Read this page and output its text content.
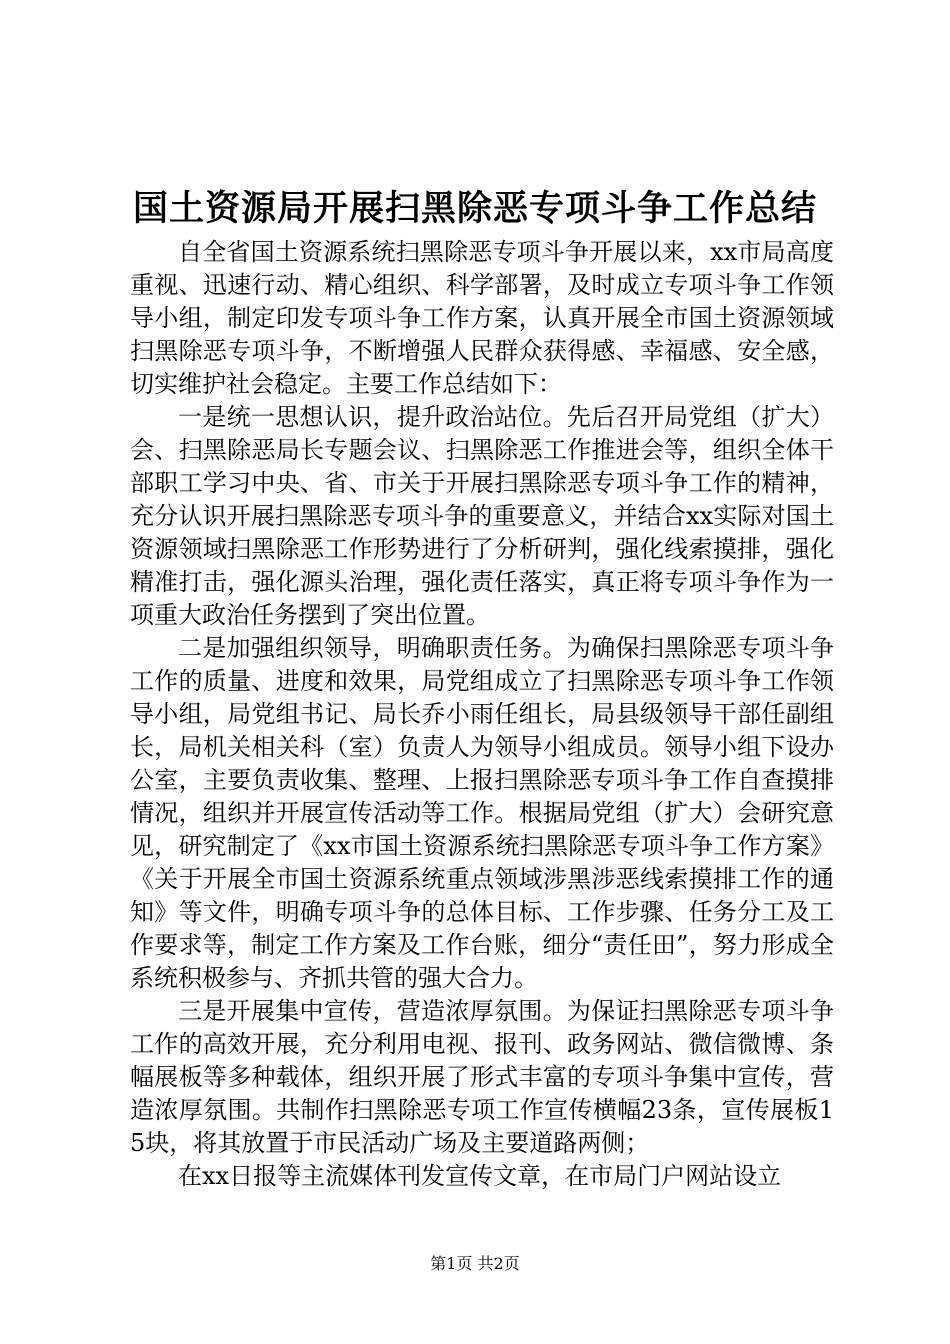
国土资源局开展扫黑除恶专项斗争工作总结

自全省国土资源系统扫黑除恶专项斗争开展以来，xx市局高度重视、迅速行动、精心组织、科学部署，及时成立专项斗争工作领导小组，制定印发专项斗争工作方案，认真开展全市国土资源领域扫黑除恶专项斗争，不断增强人民群众获得感、幸福感、安全感，切实维护社会稳定。主要工作总结如下：

一是统一思想认识，提升政治站位。先后召开局党组（扩大）会、扫黑除恶局长专题会议、扫黑除恶工作推进会等，组织全体干部职工学习中央、省、市关于开展扫黑除恶专项斗争工作的精神，充分认识开展扫黑除恶专项斗争的重要意义，并结合xx实际对国土资源领域扫黑除恶工作形势进行了分析研判，强化线索摸排，强化精准打击，强化源头治理，强化责任落实，真正将专项斗争作为一项重大政治任务摆到了突出位置。

二是加强组织领导，明确职责任务。为确保扫黑除恶专项斗争工作的质量、进度和效果，局党组成立了扫黑除恶专项斗争工作领导小组，局党组书记、局长乔小雨任组长，局县级领导干部任副组长，局机关相关科（室）负责人为领导小组成员。领导小组下设办公室，主要负责收集、整理、上报扫黑除恶专项斗争工作自查摸排情况，组织并开展宣传活动等工作。根据局党组（扩大）会研究意见，研究制定了《xx市国土资源系统扫黑除恶专项斗争工作方案》《关于开展全市国土资源系统重点领域涉黑涉恶线索摸排工作的通知》等文件，明确专项斗争的总体目标、工作步骤、任务分工及工作要求等，制定工作方案及工作台账，细分“责任田”，努力形成全系统积极参与、齐抓共管的强大合力。

三是开展集中宣传，营造浓厚氛围。为保证扫黑除恶专项斗争工作的高效开展，充分利用电视、报刊、政务网站、微信微博、条幅展板等多种载体，组织开展了形式丰富的专项斗争集中宣传，营造浓厚氛围。共制作扫黑除恶专项工作宣传横幅23条，宣传展板15块，将其放置于市民活动广场及主要道路两侧；

在xx日报等主流媒体刊发宣传文章，在市局门户网站设立

第1页 共2页
